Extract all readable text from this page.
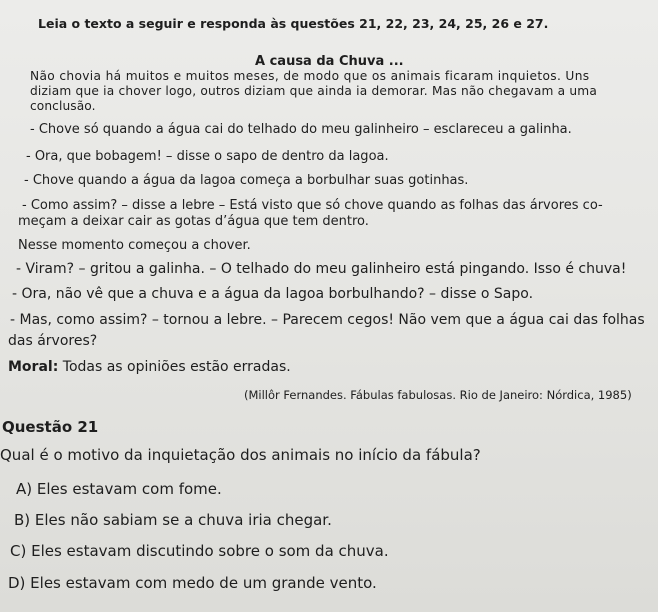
Leia o texto a seguir e responda às questões 21, 22, 23, 24, 25, 26 e 27.

A causa da Chuva ...

Não chovia há muitos e muitos meses, de modo que os animais ficaram inquietos. Uns

diziam que ia chover logo, outros diziam que ainda ia demorar. Mas não chegavam a uma

conclusão.

- Chove só quando a água cai do telhado do meu galinheiro – esclareceu a galinha.

- Ora, que bobagem! – disse o sapo de dentro da lagoa.

- Chove quando a água da lagoa começa a borbulhar suas gotinhas.

- Como assim? – disse a lebre – Está visto que só chove quando as folhas das árvores co-

meçam a deixar cair as gotas d’água que tem dentro.

Nesse momento começou a chover.

- Viram? – gritou a galinha. – O telhado do meu galinheiro está pingando. Isso é chuva!

- Ora, não vê que a chuva e a água da lagoa borbulhando? – disse o Sapo.

- Mas, como assim? – tornou a lebre. – Parecem cegos! Não vem que a água cai das folhas

das árvores?

Moral: Todas as opiniões estão erradas.

(Millôr Fernandes. Fábulas fabulosas. Rio de Janeiro: Nórdica, 1985)

Questão 21

Qual é o motivo da inquietação dos animais no início da fábula?

A) Eles estavam com fome.

B) Eles não sabiam se a chuva iria chegar.

C) Eles estavam discutindo sobre o som da chuva.

D) Eles estavam com medo de um grande vento.
